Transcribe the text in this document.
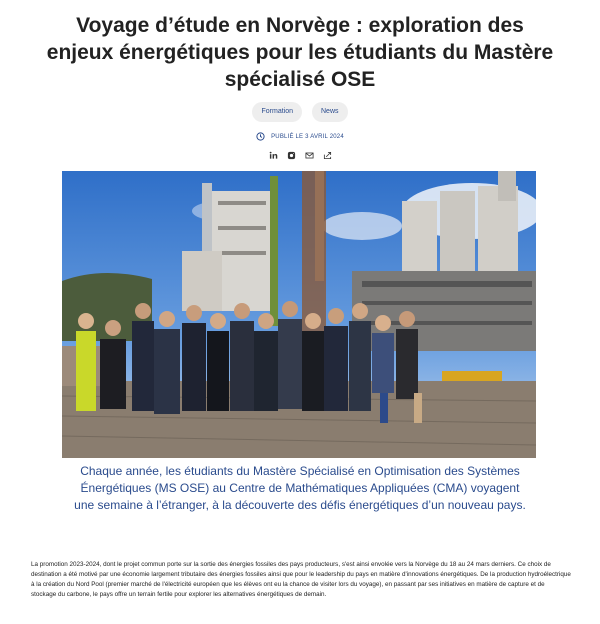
Voyage d’étude en Norvège : exploration des enjeux énergétiques pour les étudiants du Mastère spécialisé OSE
Formation	News
PUBLIÉ LE 3 AVRIL 2024

Chaque année, les étudiants du Mastère Spécialisé en Optimisation des Systèmes Énergétiques (MS OSE) au Centre de Mathématiques Appliquées (CMA) voyagent une semaine à l’étranger, à la découverte des défis énergétiques d’un nouveau pays.

La promotion 2023-2024, dont le projet commun porte sur la sortie des énergies fossiles des pays producteurs, s'est ainsi envolée vers la Norvège du 18 au 24 mars derniers. Ce choix de destination a été motivé par une économie largement tributaire des énergies fossiles ainsi que pour le leadership du pays en matière d'innovations énergétiques. De la production hydroélectrique à la création du Nord Pool (premier marché de l'électricité européen que les élèves ont eu la chance de visiter lors du voyage), en passant par ses initiatives en matière de capture et de stockage du carbone, le pays offre un terrain fertile pour explorer les alternatives énergétiques de demain.
